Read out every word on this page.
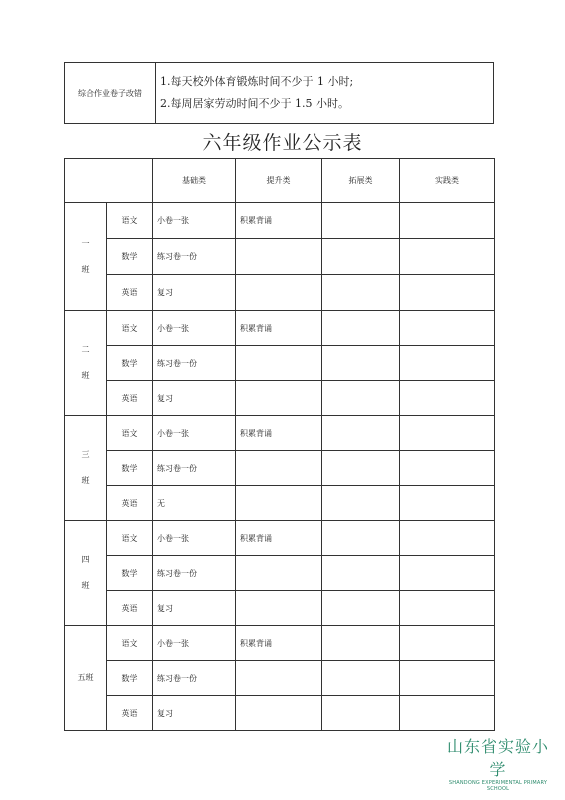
综合作业卷子改错	
1.每天校外体育锻炼时间不少于 1 小时;
2.每周居家劳动时间不少于 1.5 小时。
六年级作业公示表
		基础类	提升类	拓展类	实践类

一
班	语文	小卷一张	积累背诵		
	数学	练习卷一份			
	英语	复习			

二
班	语文	小卷一张	积累背诵		
	数学	练习卷一份			
	英语	复习			

三
班	语文	小卷一张	积累背诵		
	数学	练习卷一份			
	英语	无			

四
班	语文	小卷一张	积累背诵		
	数学	练习卷一份			
	英语	复习			

五班	语文	小卷一张	积累背诵		
	数学	练习卷一份			
	英语	复习			
山东省实验小学
SHANDONG EXPERIMENTAL PRIMARY SCHOOL
